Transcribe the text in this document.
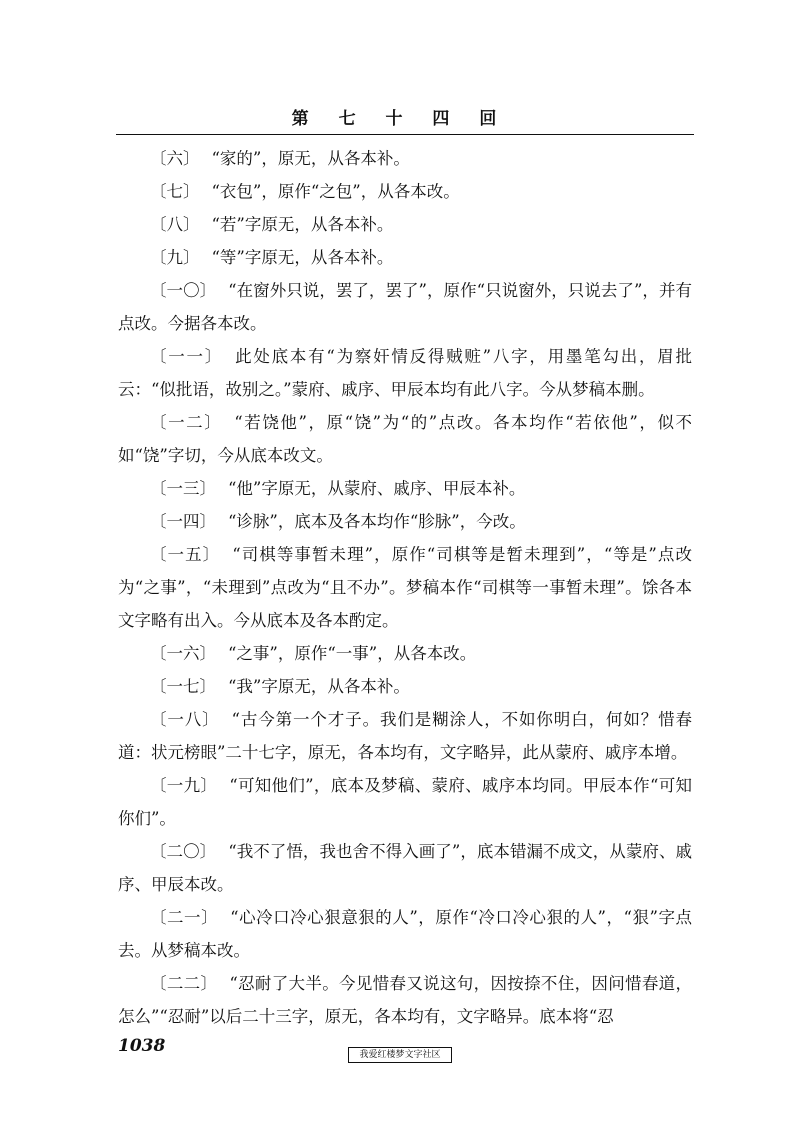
第 七 十 四 回

〔六〕 “家的”，原无，从各本补。

〔七〕 “衣包”，原作“之包”，从各本改。

〔八〕 “若”字原无，从各本补。

〔九〕 “等”字原无，从各本补。

〔一〇〕 “在窗外只说，罢了，罢了”，原作“只说窗外，只说去了”，并有点改。今据各本改。

〔一一〕 此处底本有“为察奸情反得贼赃”八字，用墨笔勾出，眉批云：“似批语，故别之。”蒙府、戚序、甲辰本均有此八字。今从梦稿本删。

〔一二〕 “若饶他”，原“饶”为“的”点改。各本均作“若依他”，似不如“饶”字切，今从底本改文。

〔一三〕 “他”字原无，从蒙府、戚序、甲辰本补。

〔一四〕 “诊脉”，底本及各本均作“胗脉”，今改。

〔一五〕 “司棋等事暂未理”，原作“司棋等是暂未理到”，“等是”点改为“之事”，“未理到”点改为“且不办”。梦稿本作“司棋等一事暂未理”。馀各本文字略有出入。今从底本及各本酌定。

〔一六〕 “之事”，原作“一事”，从各本改。

〔一七〕 “我”字原无，从各本补。

〔一八〕 “古今第一个才子。我们是糊涂人，不如你明白，何如？惜春道：状元榜眼”二十七字，原无，各本均有，文字略异，此从蒙府、戚序本增。

〔一九〕 “可知他们”，底本及梦稿、蒙府、戚序本均同。甲辰本作“可知你们”。

〔二〇〕 “我不了悟，我也舍不得入画了”，底本错漏不成文，从蒙府、戚序、甲辰本改。

〔二一〕 “心冷口冷心狠意狠的人”，原作“冷口冷心狠的人”，“狠”字点去。从梦稿本改。

〔二二〕 “忍耐了大半。今见惜春又说这句，因按捺不住，因问惜春道，怎么”“忍耐”以后二十三字，原无，各本均有，文字略异。底本将“忍

1038	我爱红楼梦文字社区
